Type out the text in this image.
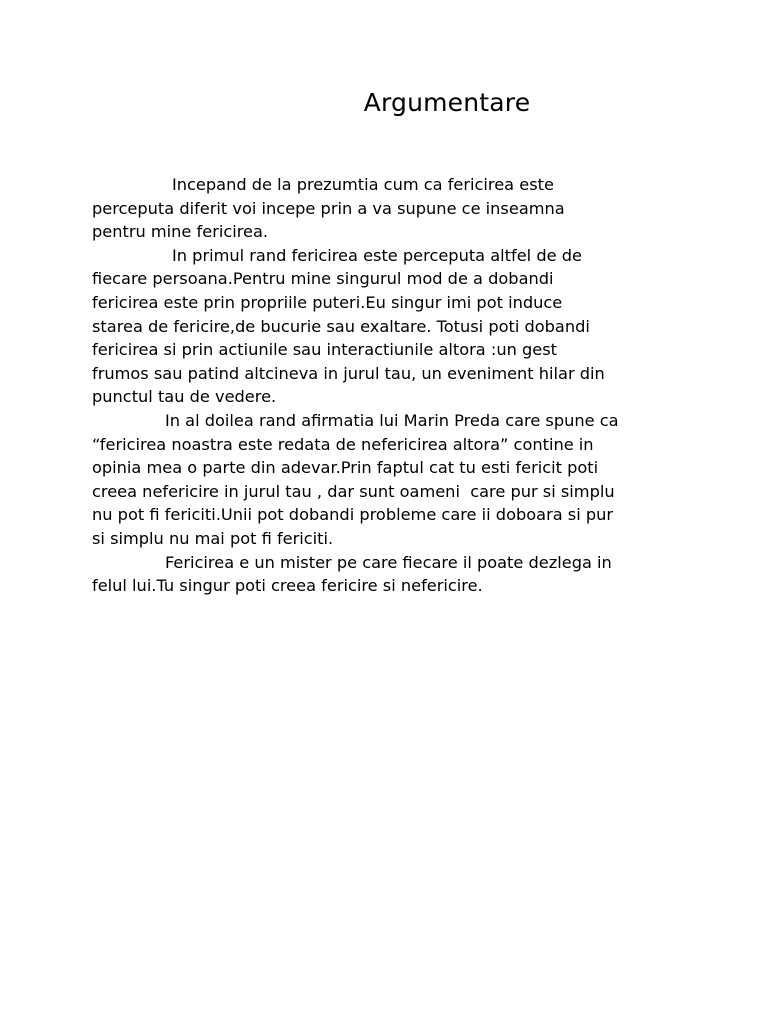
Argumentare
Incepand de la prezumtia cum ca fericirea este
perceputa diferit voi incepe prin a va supune ce inseamna
pentru mine fericirea.
In primul rand fericirea este perceputa altfel de de
fiecare persoana.Pentru mine singurul mod de a dobandi
fericirea este prin propriile puteri.Eu singur imi pot induce
starea de fericire,de bucurie sau exaltare. Totusi poti dobandi
fericirea si prin actiunile sau interactiunile altora :un gest
frumos sau patind altcineva in jurul tau, un eveniment hilar din
punctul tau de vedere.
In al doilea rand afirmatia lui Marin Preda care spune ca
“fericirea noastra este redata de nefericirea altora” contine in
opinia mea o parte din adevar.Prin faptul cat tu esti fericit poti
creea nefericire in jurul tau , dar sunt oameni  care pur si simplu
nu pot fi fericiti.Unii pot dobandi probleme care ii doboara si pur
si simplu nu mai pot fi fericiti.
Fericirea e un mister pe care fiecare il poate dezlega in
felul lui.Tu singur poti creea fericire si nefericire.
